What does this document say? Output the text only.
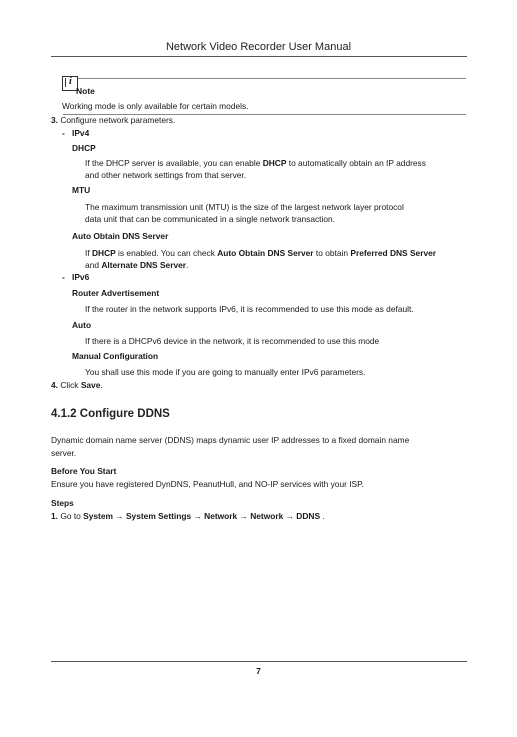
Network Video Recorder User Manual
i
Note
Working mode is only available for certain models.
3. Configure network parameters.
- IPv4
DHCP
If the DHCP server is available, you can enable DHCP to automatically obtain an IP address
and other network settings from that server.
MTU
The maximum transmission unit (MTU) is the size of the largest network layer protocol
data unit that can be communicated in a single network transaction.
Auto Obtain DNS Server
If DHCP is enabled. You can check Auto Obtain DNS Server to obtain Preferred DNS Server
and Alternate DNS Server.
- IPv6
Router Advertisement
If the router in the network supports IPv6, it is recommended to use this mode as default.
Auto
If there is a DHCPv6 device in the network, it is recommended to use this mode
Manual Configuration
You shall use this mode if you are going to manually enter IPv6 parameters.
4. Click Save.
4.1.2 Configure DDNS
Dynamic domain name server (DDNS) maps dynamic user IP addresses to a fixed domain name
server.
Before You Start
Ensure you have registered DynDNS, PeanutHull, and NO-IP services with your ISP.
Steps
1. Go to System → System Settings → Network → Network → DDNS .
7
